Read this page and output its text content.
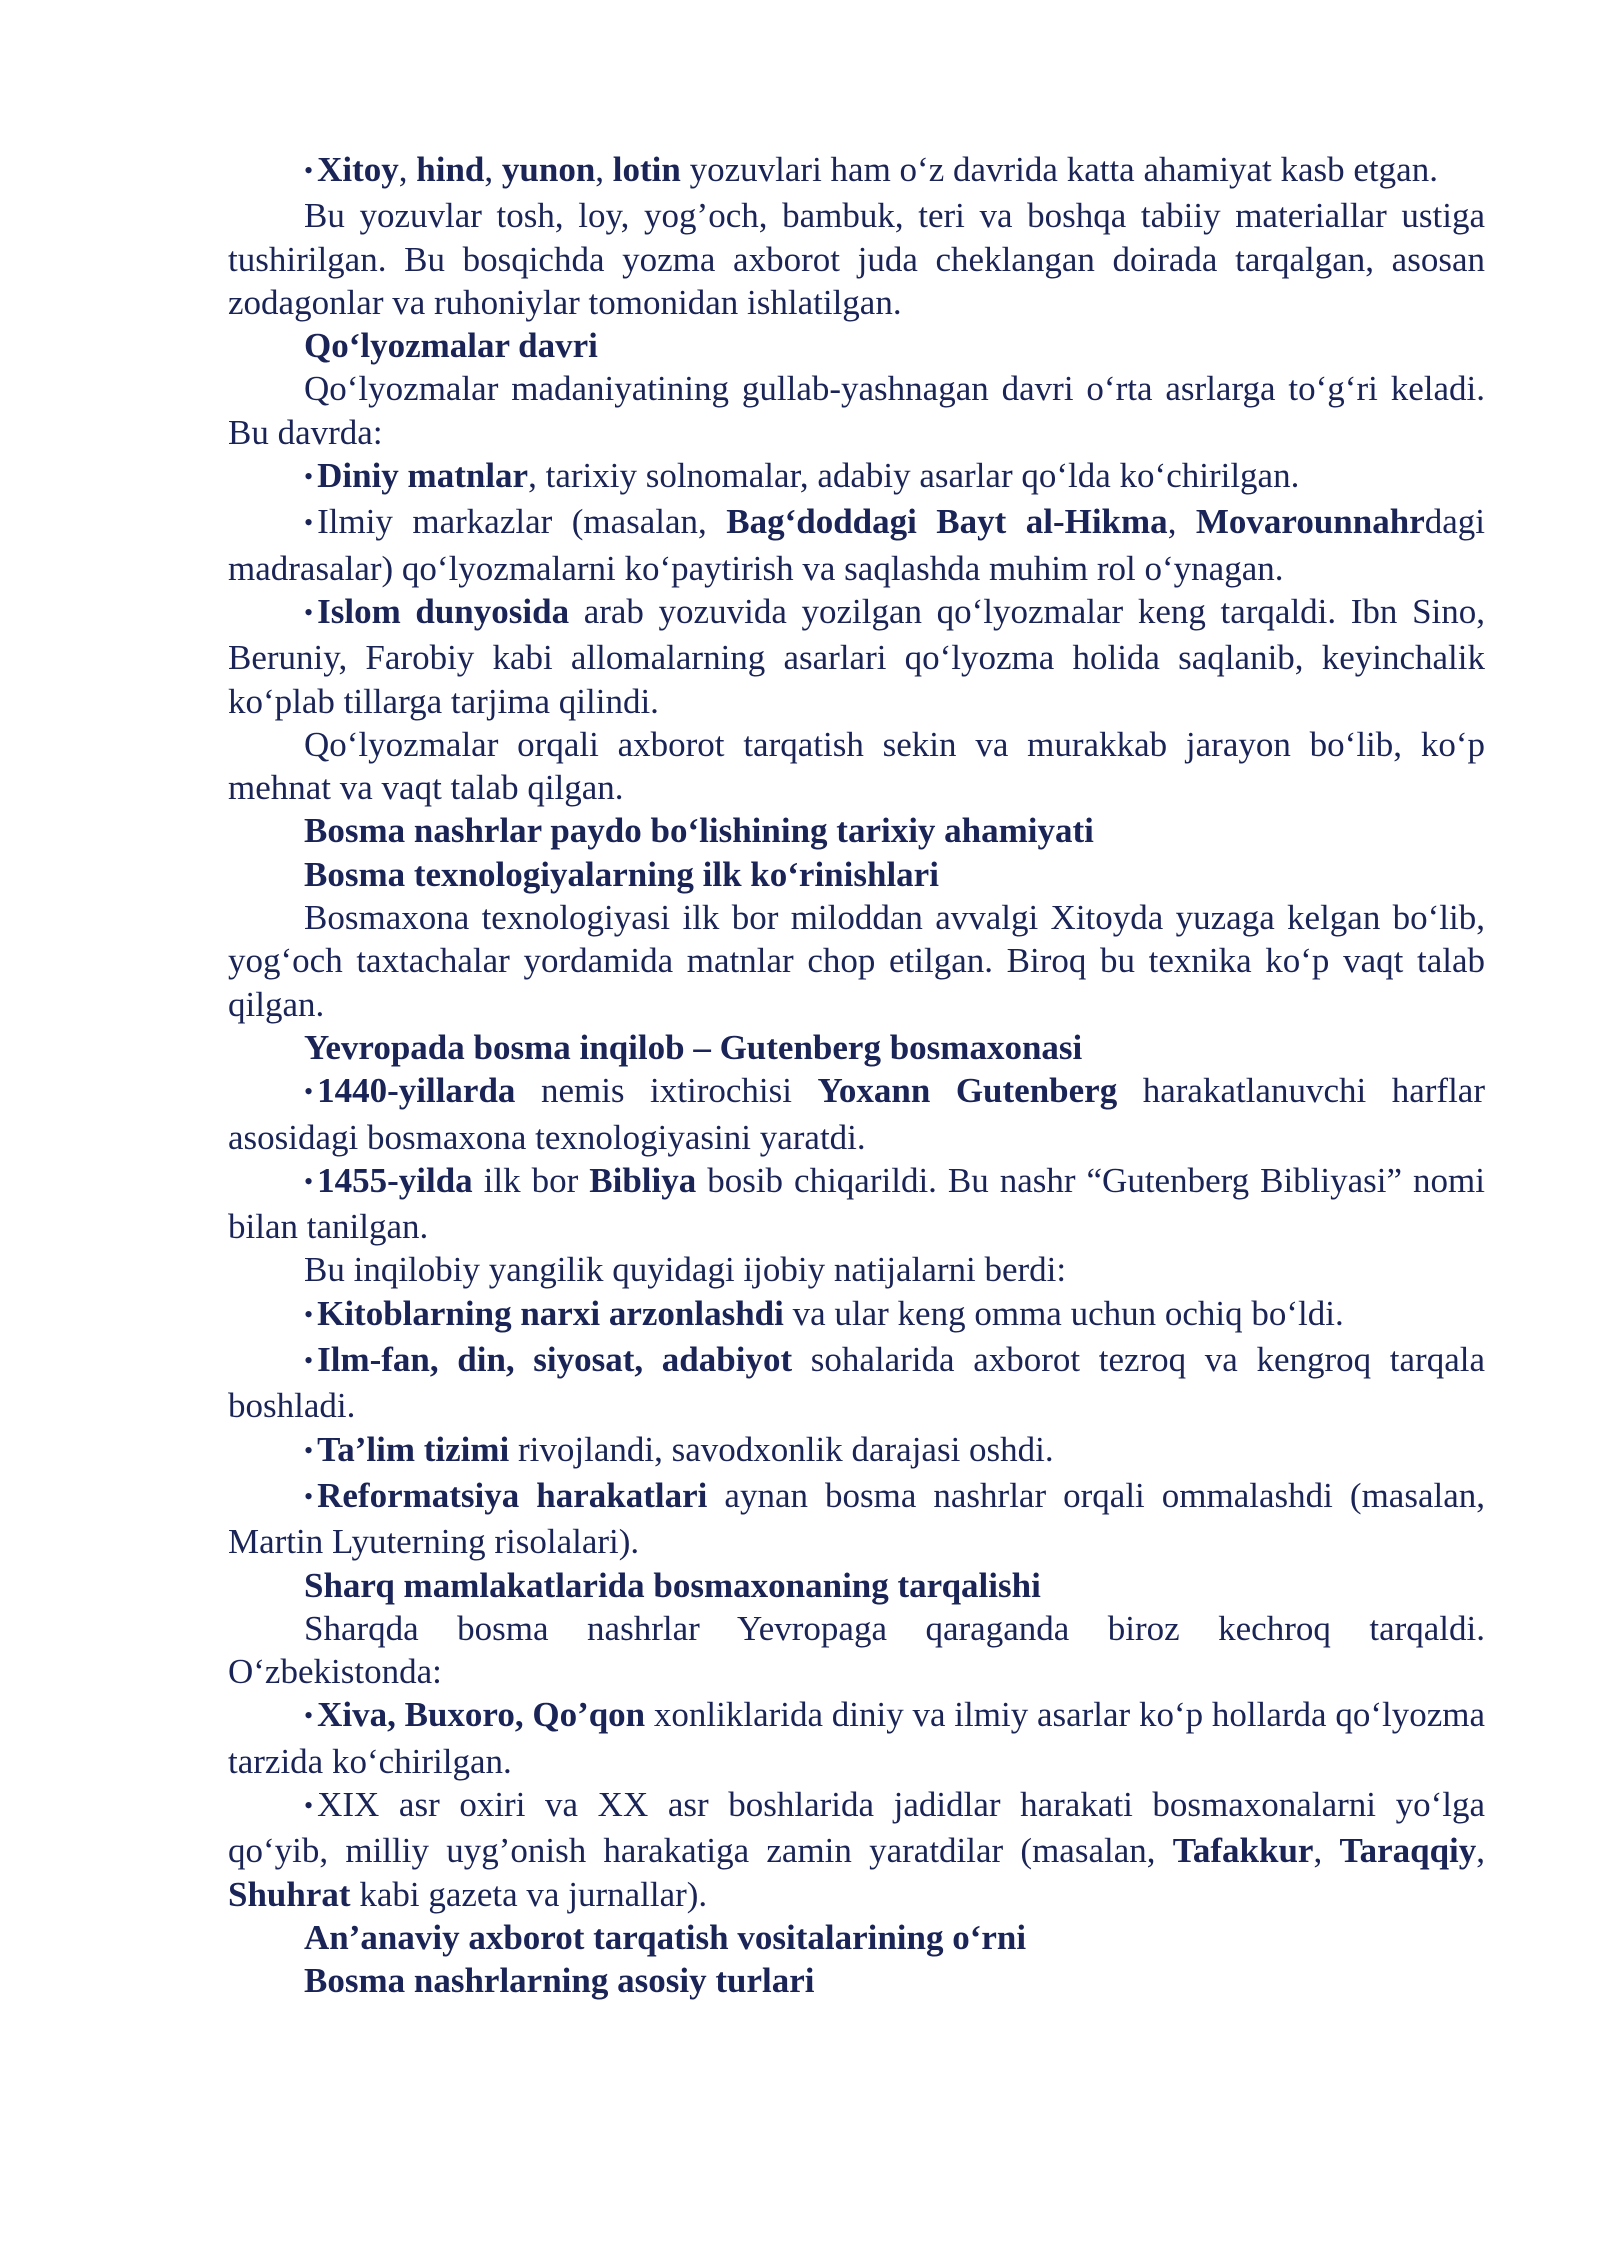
• Xitoy, hind, yunon, lotin yozuvlari ham o‘z davrida katta ahamiyat kasb etgan.

Bu yozuvlar tosh, loy, yog’och, bambuk, teri va boshqa tabiiy materiallar ustiga tushirilgan. Bu bosqichda yozma axborot juda cheklangan doirada tarqalgan, asosan zodagonlar va ruhoniylar tomonidan ishlatilgan.

Qo‘lyozmalar davri

Qo‘lyozmalar madaniyatining gullab-yashnagan davri o‘rta asrlarga to‘g‘ri keladi. Bu davrda:

• Diniy matnlar, tarixiy solnomalar, adabiy asarlar qo‘lda ko‘chirilgan.

• Ilmiy markazlar (masalan, Bag‘doddagi Bayt al-Hikma, Movarounnahrdagi madrasalar) qo‘lyozmalarni ko‘paytirish va saqlashda muhim rol o‘ynagan.

• Islom dunyosida arab yozuvida yozilgan qo‘lyozmalar keng tarqaldi. Ibn Sino, Beruniy, Farobiy kabi allomalarning asarlari qo‘lyozma holida saqlanib, keyinchalik ko‘plab tillarga tarjima qilindi.

Qo‘lyozmalar orqali axborot tarqatish sekin va murakkab jarayon bo‘lib, ko‘p mehnat va vaqt talab qilgan.

Bosma nashrlar paydo bo‘lishining tarixiy ahamiyati
Bosma texnologiyalarning ilk ko‘rinishlari

Bosmaxona texnologiyasi ilk bor miloddan avvalgi Xitoyda yuzaga kelgan bo‘lib, yog‘och taxtachalar yordamida matnlar chop etilgan. Biroq bu texnika ko‘p vaqt talab qilgan.

Yevropada bosma inqilob – Gutenberg bosmaxonasi

• 1440-yillarda nemis ixtirochisi Yoxann Gutenberg harakatlanuvchi harflar asosidagi bosmaxona texnologiyasini yaratdi.

• 1455-yilda ilk bor Bibliya bosib chiqarildi. Bu nashr “Gutenberg Bibliyasi” nomi bilan tanilgan.

Bu inqilobiy yangilik quyidagi ijobiy natijalarni berdi:

• Kitoblarning narxi arzonlashdi va ular keng omma uchun ochiq bo‘ldi.

• Ilm-fan, din, siyosat, adabiyot sohalarida axborot tezroq va kengroq tarqala boshladi.

• Ta’lim tizimi rivojlandi, savodxonlik darajasi oshdi.

• Reformatsiya harakatlari aynan bosma nashrlar orqali ommalashdi (masalan, Martin Lyuterning risolalari).

Sharq mamlakatlarida bosmaxonaning tarqalishi

Sharqda bosma nashrlar Yevropaga qaraganda biroz kechroq tarqaldi. O‘zbekistonda:

• Xiva, Buxoro, Qo’qon xonliklarida diniy va ilmiy asarlar ko‘p hollarda qo‘lyozma tarzida ko‘chirilgan.

• XIX asr oxiri va XX asr boshlarida jadidlar harakati bosmaxonalarni yo‘lga qo‘yib, milliy uyg’onish harakatiga zamin yaratdilar (masalan, Tafakkur, Taraqqiy, Shuhrat kabi gazeta va jurnallar).

An’anaviy axborot tarqatish vositalarining o‘rni
Bosma nashrlarning asosiy turlari
